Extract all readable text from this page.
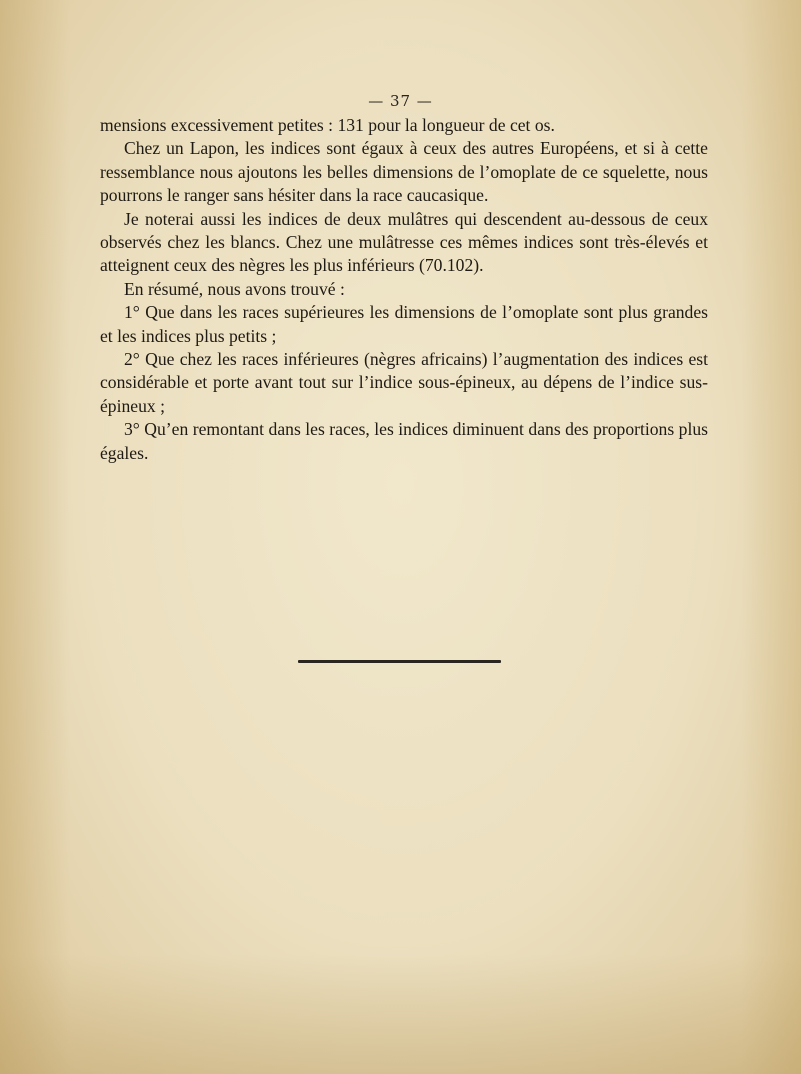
— 37 —

mensions excessivement petites : 131 pour la longueur de cet os.

Chez un Lapon, les indices sont égaux à ceux des autres Européens, et si à cette ressemblance nous ajoutons les belles dimensions de l’omoplate de ce squelette, nous pourrons le ranger sans hésiter dans la race caucasique.

Je noterai aussi les indices de deux mulâtres qui descendent au-dessous de ceux observés chez les blancs. Chez une mulâtresse ces mêmes indices sont très-élevés et atteignent ceux des nègres les plus inférieurs (70.102).

En résumé, nous avons trouvé :

1° Que dans les races supérieures les dimensions de l’omoplate sont plus grandes et les indices plus petits ;

2° Que chez les races inférieures (nègres africains) l’augmentation des indices est considérable et porte avant tout sur l’indice sous-épineux, au dépens de l’indice sus-épineux ;

3° Qu’en remontant dans les races, les indices diminuent dans des proportions plus égales.
